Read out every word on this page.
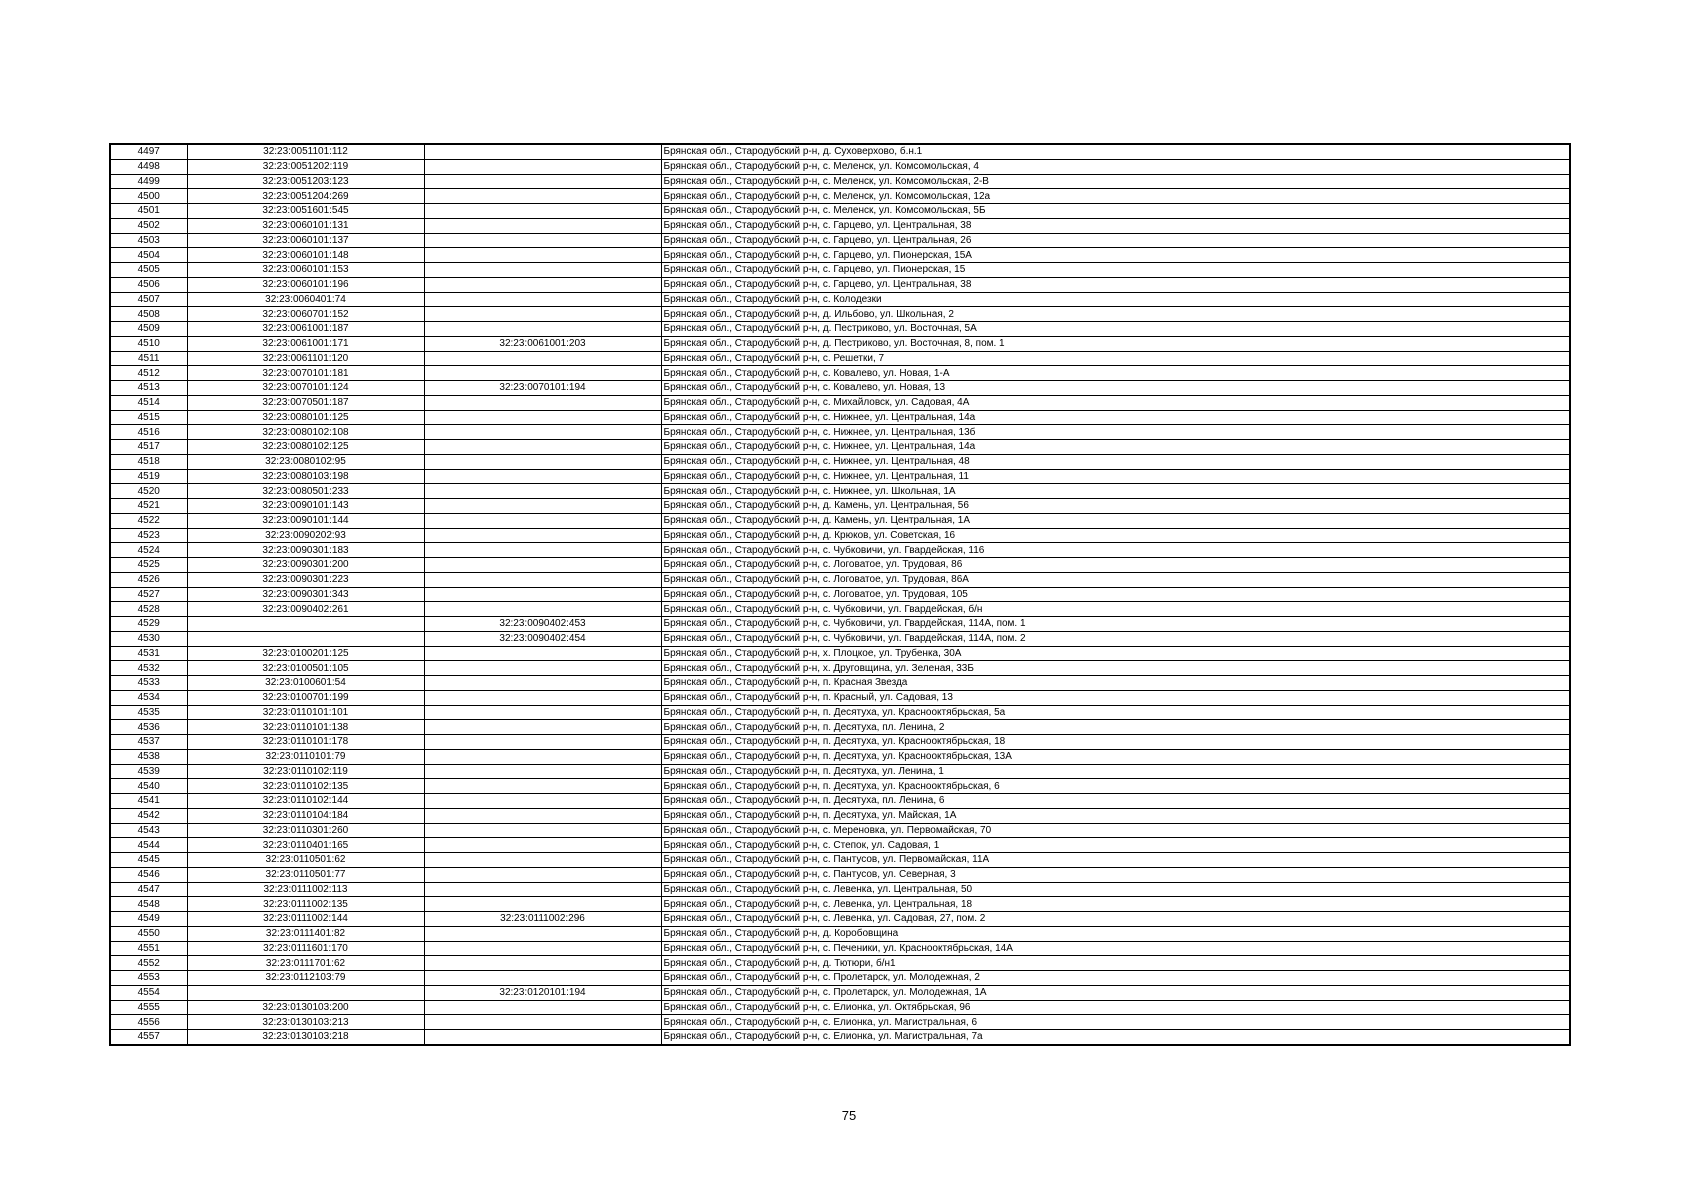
4497	32:23:0051101:112		Брянская обл., Стародубский р-н, д. Суховерхово, б.н.1
4498	32:23:0051202:119		Брянская обл., Стародубский р-н, с. Меленск, ул. Комсомольская, 4
4499	32:23:0051203:123		Брянская обл., Стародубский р-н, с. Меленск, ул. Комсомольская, 2-В
4500	32:23:0051204:269		Брянская обл., Стародубский р-н, с. Меленск, ул. Комсомольская, 12а
4501	32:23:0051601:545		Брянская обл., Стародубский р-н, с. Меленск, ул. Комсомольская, 5Б
4502	32:23:0060101:131		Брянская обл., Стародубский р-н, с. Гарцево, ул. Центральная, 38
4503	32:23:0060101:137		Брянская обл., Стародубский р-н, с. Гарцево, ул. Центральная, 26
4504	32:23:0060101:148		Брянская обл., Стародубский р-н, с. Гарцево, ул. Пионерская, 15А
4505	32:23:0060101:153		Брянская обл., Стародубский р-н, с. Гарцево, ул. Пионерская, 15
4506	32:23:0060101:196		Брянская обл., Стародубский р-н, с. Гарцево, ул. Центральная, 38
4507	32:23:0060401:74		Брянская обл., Стародубский р-н, с. Колодезки
4508	32:23:0060701:152		Брянская обл., Стародубский р-н, д. Ильбово, ул. Школьная, 2
4509	32:23:0061001:187		Брянская обл., Стародубский р-н, д. Пестриково, ул. Восточная, 5А
4510	32:23:0061001:171	32:23:0061001:203	Брянская обл., Стародубский р-н, д. Пестриково, ул. Восточная, 8, пом. 1
4511	32:23:0061101:120		Брянская обл., Стародубский р-н, с. Решетки, 7
4512	32:23:0070101:181		Брянская обл., Стародубский р-н, с. Ковалево, ул. Новая, 1-А
4513	32:23:0070101:124	32:23:0070101:194	Брянская обл., Стародубский р-н, с. Ковалево, ул. Новая, 13
4514	32:23:0070501:187		Брянская обл., Стародубский р-н, с. Михайловск, ул. Садовая, 4А
4515	32:23:0080101:125		Брянская обл., Стародубский р-н, с. Нижнее, ул. Центральная, 14а
4516	32:23:0080102:108		Брянская обл., Стародубский р-н, с. Нижнее, ул. Центральная, 13б
4517	32:23:0080102:125		Брянская обл., Стародубский р-н, с. Нижнее, ул. Центральная, 14а
4518	32:23:0080102:95		Брянская обл., Стародубский р-н, с. Нижнее, ул. Центральная, 48
4519	32:23:0080103:198		Брянская обл., Стародубский р-н, с. Нижнее, ул. Центральная, 11
4520	32:23:0080501:233		Брянская обл., Стародубский р-н, с. Нижнее, ул. Школьная, 1А
4521	32:23:0090101:143		Брянская обл., Стародубский р-н, д. Камень, ул. Центральная, 56
4522	32:23:0090101:144		Брянская обл., Стародубский р-н, д. Камень, ул. Центральная, 1А
4523	32:23:0090202:93		Брянская обл., Стародубский р-н, д. Крюков, ул. Советская, 16
4524	32:23:0090301:183		Брянская обл., Стародубский р-н, с. Чубковичи, ул. Гвардейская, 116
4525	32:23:0090301:200		Брянская обл., Стародубский р-н, с. Логоватое, ул. Трудовая, 86
4526	32:23:0090301:223		Брянская обл., Стародубский р-н, с. Логоватое, ул. Трудовая, 86А
4527	32:23:0090301:343		Брянская обл., Стародубский р-н, с. Логоватое, ул. Трудовая, 105
4528	32:23:0090402:261		Брянская обл., Стародубский р-н, с. Чубковичи, ул. Гвардейская, б/н
4529		32:23:0090402:453	Брянская обл., Стародубский р-н, с. Чубковичи, ул. Гвардейская, 114А, пом. 1
4530		32:23:0090402:454	Брянская обл., Стародубский р-н, с. Чубковичи, ул. Гвардейская, 114А, пом. 2
4531	32:23:0100201:125		Брянская обл., Стародубский р-н, х. Плоцкое, ул. Трубенка, 30А
4532	32:23:0100501:105		Брянская обл., Стародубский р-н, х. Друговщина, ул. Зеленая, 33Б
4533	32:23:0100601:54		Брянская обл., Стародубский р-н, п. Красная Звезда
4534	32:23:0100701:199		Брянская обл., Стародубский р-н, п. Красный, ул. Садовая, 13
4535	32:23:0110101:101		Брянская обл., Стародубский р-н, п. Десятуха, ул. Краснооктябрьская, 5а
4536	32:23:0110101:138		Брянская обл., Стародубский р-н, п. Десятуха, пл. Ленина, 2
4537	32:23:0110101:178		Брянская обл., Стародубский р-н, п. Десятуха, ул. Краснооктябрьская, 18
4538	32:23:0110101:79		Брянская обл., Стародубский р-н, п. Десятуха, ул. Краснооктябрьская, 13А
4539	32:23:0110102:119		Брянская обл., Стародубский р-н, п. Десятуха, ул. Ленина, 1
4540	32:23:0110102:135		Брянская обл., Стародубский р-н, п. Десятуха, ул. Краснооктябрьская, 6
4541	32:23:0110102:144		Брянская обл., Стародубский р-н, п. Десятуха, пл. Ленина, 6
4542	32:23:0110104:184		Брянская обл., Стародубский р-н, п. Десятуха, ул. Майская, 1А
4543	32:23:0110301:260		Брянская обл., Стародубский р-н, с. Мереновка, ул. Первомайская, 70
4544	32:23:0110401:165		Брянская обл., Стародубский р-н, с. Степок, ул. Садовая, 1
4545	32:23:0110501:62		Брянская обл., Стародубский р-н, с. Пантусов, ул. Первомайская, 11А
4546	32:23:0110501:77		Брянская обл., Стародубский р-н, с. Пантусов, ул. Северная, 3
4547	32:23:0111002:113		Брянская обл., Стародубский р-н, с. Левенка, ул. Центральная, 50
4548	32:23:0111002:135		Брянская обл., Стародубский р-н, с. Левенка, ул. Центральная, 18
4549	32:23:0111002:144	32:23:0111002:296	Брянская обл., Стародубский р-н, с. Левенка, ул. Садовая, 27, пом. 2
4550	32:23:0111401:82		Брянская обл., Стародубский р-н, д. Коробовщина
4551	32:23:0111601:170		Брянская обл., Стародубский р-н, с. Печеники, ул. Краснооктябрьская, 14А
4552	32:23:0111701:62		Брянская обл., Стародубский р-н, д. Тютюри, б/н1
4553	32:23:0112103:79		Брянская обл., Стародубский р-н, с. Пролетарск, ул. Молодежная, 2
4554		32:23:0120101:194	Брянская обл., Стародубский р-н, с. Пролетарск, ул. Молодежная, 1А
4555	32:23:0130103:200		Брянская обл., Стародубский р-н, с. Елионка, ул. Октябрьская, 96
4556	32:23:0130103:213		Брянская обл., Стародубский р-н, с. Елионка, ул. Магистральная, 6
4557	32:23:0130103:218		Брянская обл., Стародубский р-н, с. Елионка, ул. Магистральная, 7а
75
